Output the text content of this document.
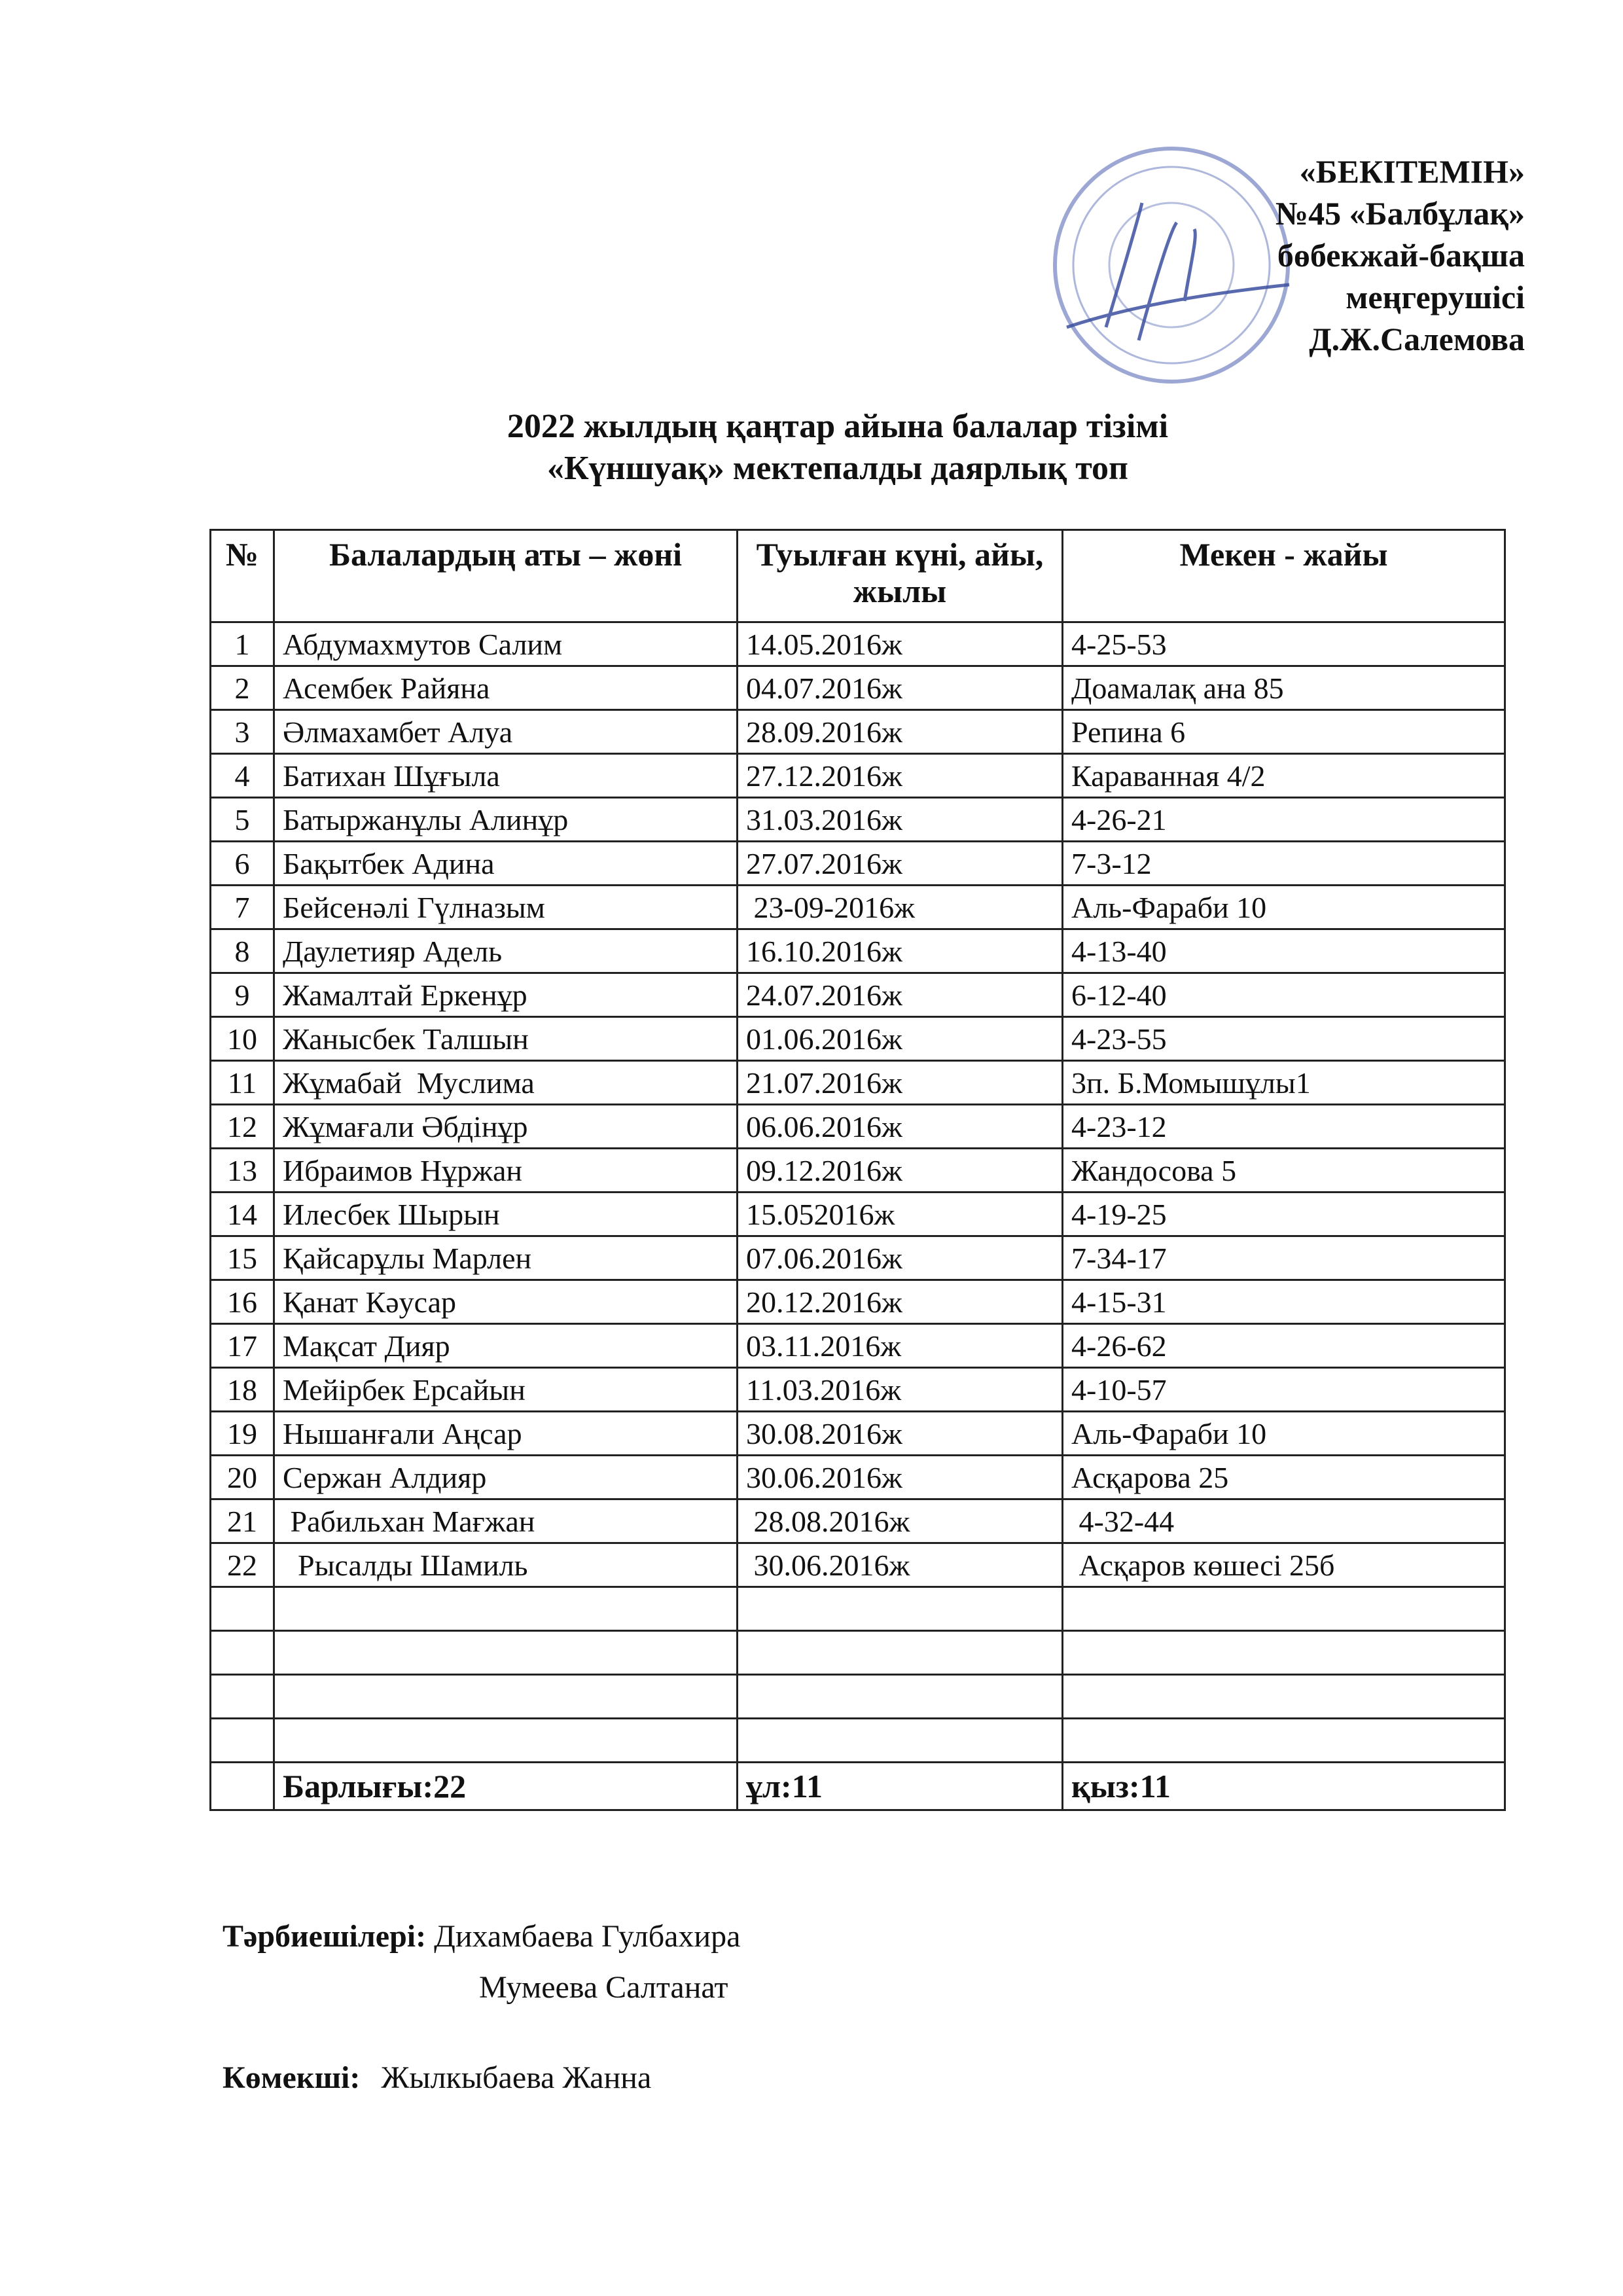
«БЕКІТЕМІН»
№45 «Балбұлақ»
бөбекжай-бақша
меңгерушісі
Д.Ж.Салемова
2022 жылдың қаңтар айына балалар тізімі
«Күншуақ» мектепалды даярлық топ
№	Балалардың аты – жөні	Туылған күні, айы, жылы	Мекен - жайы
1	Абдумахмутов Салим	14.05.2016ж	4-25-53
2	Асембек Райяна	04.07.2016ж	Доамалақ ана 85
3	Әлмахамбет Алуа	28.09.2016ж	Репина 6
4	Батихан Шұғыла	27.12.2016ж	Караванная 4/2
5	Батыржанұлы Алинұр	31.03.2016ж	4-26-21
6	Бақытбек Адина	27.07.2016ж	7-3-12
7	Бейсенәлі Гүлназым	23-09-2016ж	Аль-Фараби 10
8	Даулетияр Адель	16.10.2016ж	4-13-40
9	Жамалтай Еркенұр	24.07.2016ж	6-12-40
10	Жанысбек Талшын	01.06.2016ж	4-23-55
11	Жұмабай  Муслима	21.07.2016ж	3п. Б.Момышұлы1
12	Жұмағали Әбдінұр	06.06.2016ж	4-23-12
13	Ибраимов Нұржан	09.12.2016ж	Жандосова 5
14	Илесбек Шырын	15.052016ж	4-19-25
15	Қайсарұлы Марлен	07.06.2016ж	7-34-17
16	Қанат Кәусар	20.12.2016ж	4-15-31
17	Мақсат Дияр	03.11.2016ж	4-26-62
18	Мейірбек Ерсайын	11.03.2016ж	4-10-57
19	Нышанғали Аңсар	30.08.2016ж	Аль-Фараби 10
20	Сержан Алдияр	30.06.2016ж	Асқарова 25
21	Рабильхан Мағжан	28.08.2016ж	4-32-44
22	Рысалды Шамиль	30.06.2016ж	Асқаров көшесі 25б

	Барлығы:22	ұл:11	қыз:11
Тәрбиешілері: Дихамбаева Гулбахира
Мумеева Салтанат
Көмекші: Жылкыбаева Жанна
